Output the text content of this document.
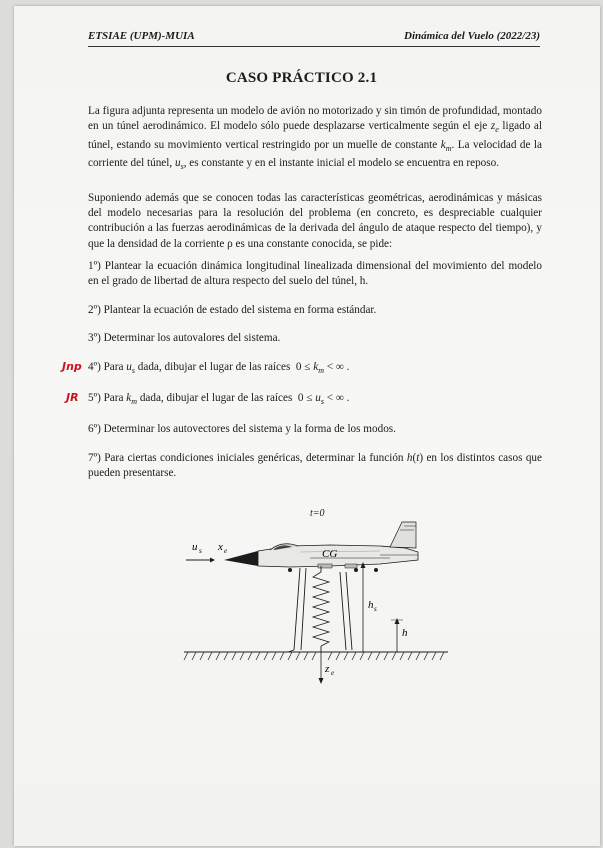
ETSIAE (UPM)-MUIA	Dinámica del Vuelo (2022/23)
CASO PRÁCTICO 2.1
La figura adjunta representa un modelo de avión no motorizado y sin timón de profundidad, montado en un túnel aerodinámico. El modelo sólo puede desplazarse verticalmente según el eje $z_e$ ligado al túnel, estando su movimiento vertical restringido por un muelle de constante $k_m$. La velocidad de la corriente del túnel, $u_s$, es constante y en el instante inicial el modelo se encuentra en reposo.
Suponiendo además que se conocen todas las características geométricas, aerodinámicas y másicas del modelo necesarias para la resolución del problema (en concreto, es despreciable cualquier contribución a las fuerzas aerodinámicas de la derivada del ángulo de ataque respecto del tiempo), y que la densidad de la corriente ρ es una constante conocida, se pide:
1º) Plantear la ecuación dinámica longitudinal linealizada dimensional del movimiento del modelo en el grado de libertad de altura respecto del suelo del túnel, h.
2º) Plantear la ecuación de estado del sistema en forma estándar.
3º) Determinar los autovalores del sistema.
Jnp 4º) Para $u_s$ dada, dibujar el lugar de las raíces  $0 \le k_m$ < ∞ .
JR 5º) Para $k_m$ dada, dibujar el lugar de las raíces  $0 \le u_s$ < ∞ .
6º) Determinar los autovectores del sistema y la forma de los modos.
7º) Para ciertas condiciones iniciales genéricas, determinar la función h(t) en los distintos casos que pueden presentarse.
t=0
u s x e	CG
h s
h
z e
